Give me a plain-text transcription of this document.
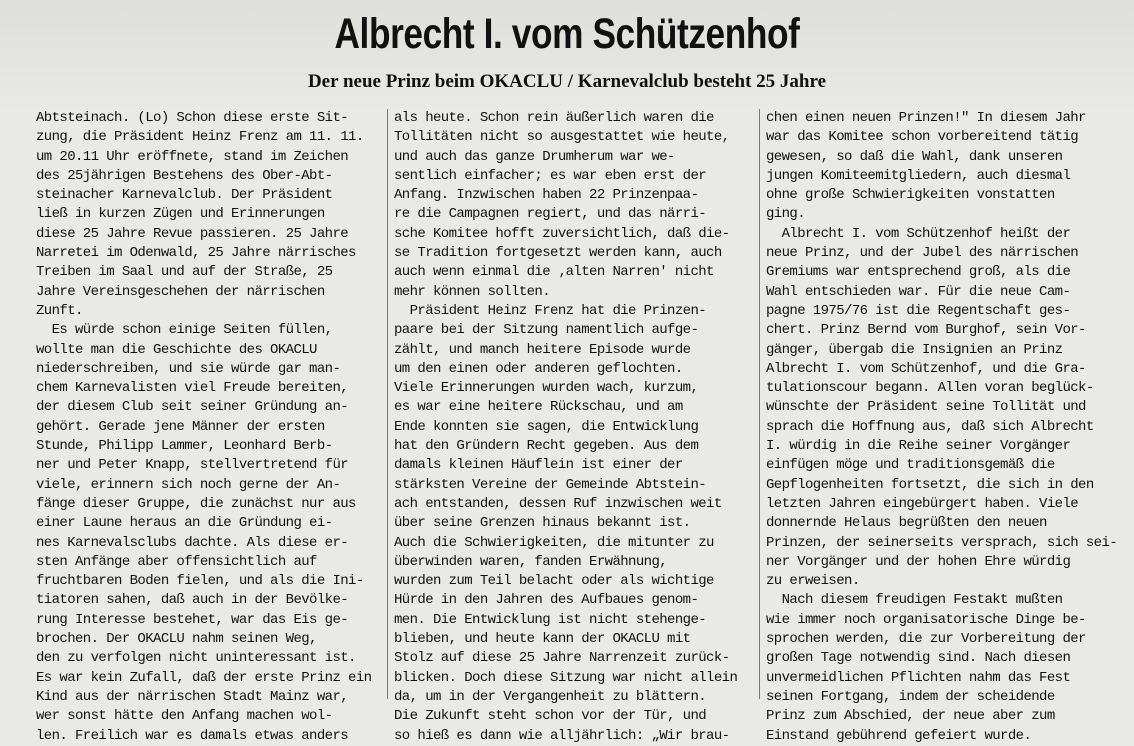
Albrecht I. vom Schützenhof
Der neue Prinz beim OKACLU / Karnevalclub besteht 25 Jahre
Abtsteinach. (Lo) Schon diese erste Sit-
zung, die Präsident Heinz Frenz am 11. 11.
um 20.11 Uhr eröffnete, stand im Zeichen
des 25jährigen Bestehens des Ober-Abt-
steinacher Karnevalclub. Der Präsident
ließ in kurzen Zügen und Erinnerungen
diese 25 Jahre Revue passieren. 25 Jahre
Narretei im Odenwald, 25 Jahre närrisches
Treiben im Saal und auf der Straße, 25
Jahre Vereinsgeschehen der närrischen
Zunft.
Es würde schon einige Seiten füllen,
wollte man die Geschichte des OKACLU
niederschreiben, und sie würde gar man-
chem Karnevalisten viel Freude bereiten,
der diesem Club seit seiner Gründung an-
gehört. Gerade jene Männer der ersten
Stunde, Philipp Lammer, Leonhard Berb-
ner und Peter Knapp, stellvertretend für
viele, erinnern sich noch gerne der An-
fänge dieser Gruppe, die zunächst nur aus
einer Laune heraus an die Gründung ei-
nes Karnevalsclubs dachte. Als diese er-
sten Anfänge aber offensichtlich auf
fruchtbaren Boden fielen, und als die Ini-
tiatoren sahen, daß auch in der Bevölke-
rung Interesse bestehet, war das Eis ge-
brochen. Der OKACLU nahm seinen Weg,
den zu verfolgen nicht uninteressant ist.
Es war kein Zufall, daß der erste Prinz ein
Kind aus der närrischen Stadt Mainz war,
wer sonst hätte den Anfang machen wol-
len. Freilich war es damals etwas anders
als heute. Schon rein äußerlich waren die
Tollitäten nicht so ausgestattet wie heute,
und auch das ganze Drumherum war we-
sentlich einfacher; es war eben erst der
Anfang. Inzwischen haben 22 Prinzenpaa-
re die Campagnen regiert, und das närri-
sche Komitee hofft zuversichtlich, daß die-
se Tradition fortgesetzt werden kann, auch
auch wenn einmal die ‚alten Narren' nicht
mehr können sollten.
Präsident Heinz Frenz hat die Prinzen-
paare bei der Sitzung namentlich aufge-
zählt, und manch heitere Episode wurde
um den einen oder anderen geflochten.
Viele Erinnerungen wurden wach, kurzum,
es war eine heitere Rückschau, und am
Ende konnten sie sagen, die Entwicklung
hat den Gründern Recht gegeben. Aus dem
damals kleinen Häuflein ist einer der
stärksten Vereine der Gemeinde Abtstein-
ach entstanden, dessen Ruf inzwischen weit
über seine Grenzen hinaus bekannt ist.
Auch die Schwierigkeiten, die mitunter zu
überwinden waren, fanden Erwähnung,
wurden zum Teil belacht oder als wichtige
Hürde in den Jahren des Aufbaues genom-
men. Die Entwicklung ist nicht stehenge-
blieben, und heute kann der OKACLU mit
Stolz auf diese 25 Jahre Narrenzeit zurück-
blicken. Doch diese Sitzung war nicht allein
da, um in der Vergangenheit zu blättern.
Die Zukunft steht schon vor der Tür, und
so hieß es dann wie alljährlich: „Wir brau-
chen einen neuen Prinzen!" In diesem Jahr
war das Komitee schon vorbereitend tätig
gewesen, so daß die Wahl, dank unseren
jungen Komiteemitgliedern, auch diesmal
ohne große Schwierigkeiten vonstatten
ging.
Albrecht I. vom Schützenhof heißt der
neue Prinz, und der Jubel des närrischen
Gremiums war entsprechend groß, als die
Wahl entschieden war. Für die neue Cam-
pagne 1975/76 ist die Regentschaft ges-
chert. Prinz Bernd vom Burghof, sein Vor-
gänger, übergab die Insignien an Prinz
Albrecht I. vom Schützenhof, und die Gra-
tulationscour begann. Allen voran beglück-
wünschte der Präsident seine Tollität und
sprach die Hoffnung aus, daß sich Albrecht
I. würdig in die Reihe seiner Vorgänger
einfügen möge und traditionsgemäß die
Gepflogenheiten fortsetzt, die sich in den
letzten Jahren eingebürgert haben. Viele
donnernde Helaus begrüßten den neuen
Prinzen, der seinerseits versprach, sich sei-
ner Vorgänger und der hohen Ehre würdig
zu erweisen.
Nach diesem freudigen Festakt mußten
wie immer noch organisatorische Dinge be-
sprochen werden, die zur Vorbereitung der
großen Tage notwendig sind. Nach diesen
unvermeidlichen Pflichten nahm das Fest
seinen Fortgang, indem der scheidende
Prinz zum Abschied, der neue aber zum
Einstand gebührend gefeiert wurde.
